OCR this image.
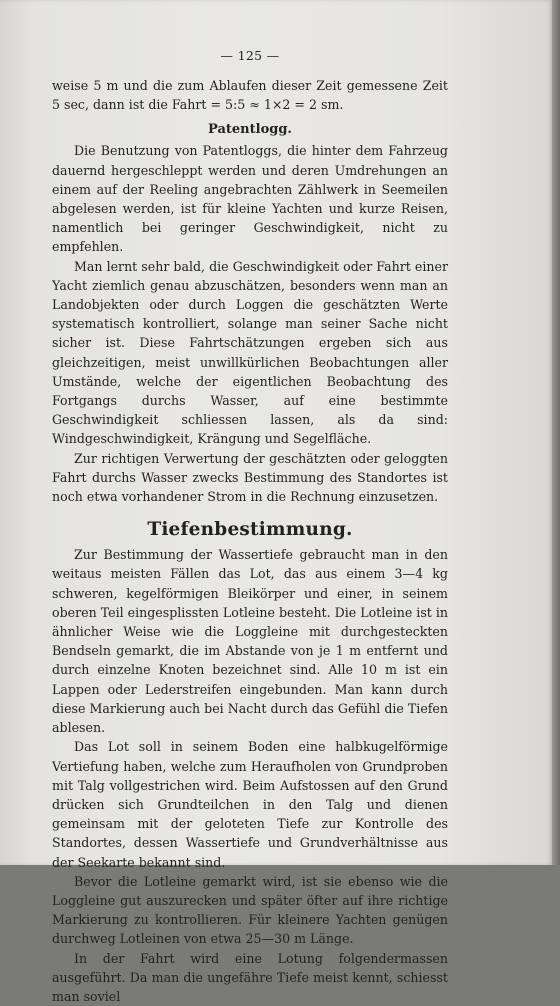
— 125 —

weise 5 m und die zum Ablaufen dieser Zeit gemessene Zeit 5 sec, dann ist die Fahrt = 5:5 ≈ 1×2 = 2 sm.

Patentlogg.

Die Benutzung von Patentloggs, die hinter dem Fahrzeug dauernd hergeschleppt werden und deren Umdrehungen an einem auf der Reeling angebrachten Zählwerk in Seemeilen abgelesen werden, ist für kleine Yachten und kurze Reisen, namentlich bei geringer Geschwindigkeit, nicht zu empfehlen.

Man lernt sehr bald, die Geschwindigkeit oder Fahrt einer Yacht ziemlich genau abzuschätzen, besonders wenn man an Landobjekten oder durch Loggen die geschätzten Werte systematisch kontrolliert, solange man seiner Sache nicht sicher ist. Diese Fahrtschätzungen ergeben sich aus gleichzeitigen, meist unwillkürlichen Beobachtungen aller Umstände, welche der eigentlichen Beobachtung des Fortgangs durchs Wasser, auf eine bestimmte Geschwindigkeit schliessen lassen, als da sind: Windgeschwindigkeit, Krängung und Segelfläche.

Zur richtigen Verwertung der geschätzten oder geloggten Fahrt durchs Wasser zwecks Bestimmung des Standortes ist noch etwa vorhandener Strom in die Rechnung einzusetzen.

Tiefenbestimmung.

Zur Bestimmung der Wassertiefe gebraucht man in den weitaus meisten Fällen das Lot, das aus einem 3—4 kg schweren, kegelförmigen Bleikörper und einer, in seinem oberen Teil eingesplissten Lotleine besteht. Die Lotleine ist in ähnlicher Weise wie die Loggleine mit durchgesteckten Bendseln gemarkt, die im Abstande von je 1 m entfernt und durch einzelne Knoten bezeichnet sind. Alle 10 m ist ein Lappen oder Lederstreifen eingebunden. Man kann durch diese Markierung auch bei Nacht durch das Gefühl die Tiefen ablesen.

Das Lot soll in seinem Boden eine halbkugelförmige Vertiefung haben, welche zum Heraufholen von Grundproben mit Talg vollgestrichen wird. Beim Aufstossen auf den Grund drücken sich Grundteilchen in den Talg und dienen gemeinsam mit der geloteten Tiefe zur Kontrolle des Standortes, dessen Wassertiefe und Grundverhältnisse aus der Seekarte bekannt sind.

Bevor die Lotleine gemarkt wird, ist sie ebenso wie die Loggleine gut auszurecken und später öfter auf ihre richtige Markierung zu kontrollieren. Für kleinere Yachten genügen durchweg Lotleinen von etwa 25—30 m Länge.

In der Fahrt wird eine Lotung folgendermassen ausgeführt. Da man die ungefähre Tiefe meist kennt, schiesst man soviel
